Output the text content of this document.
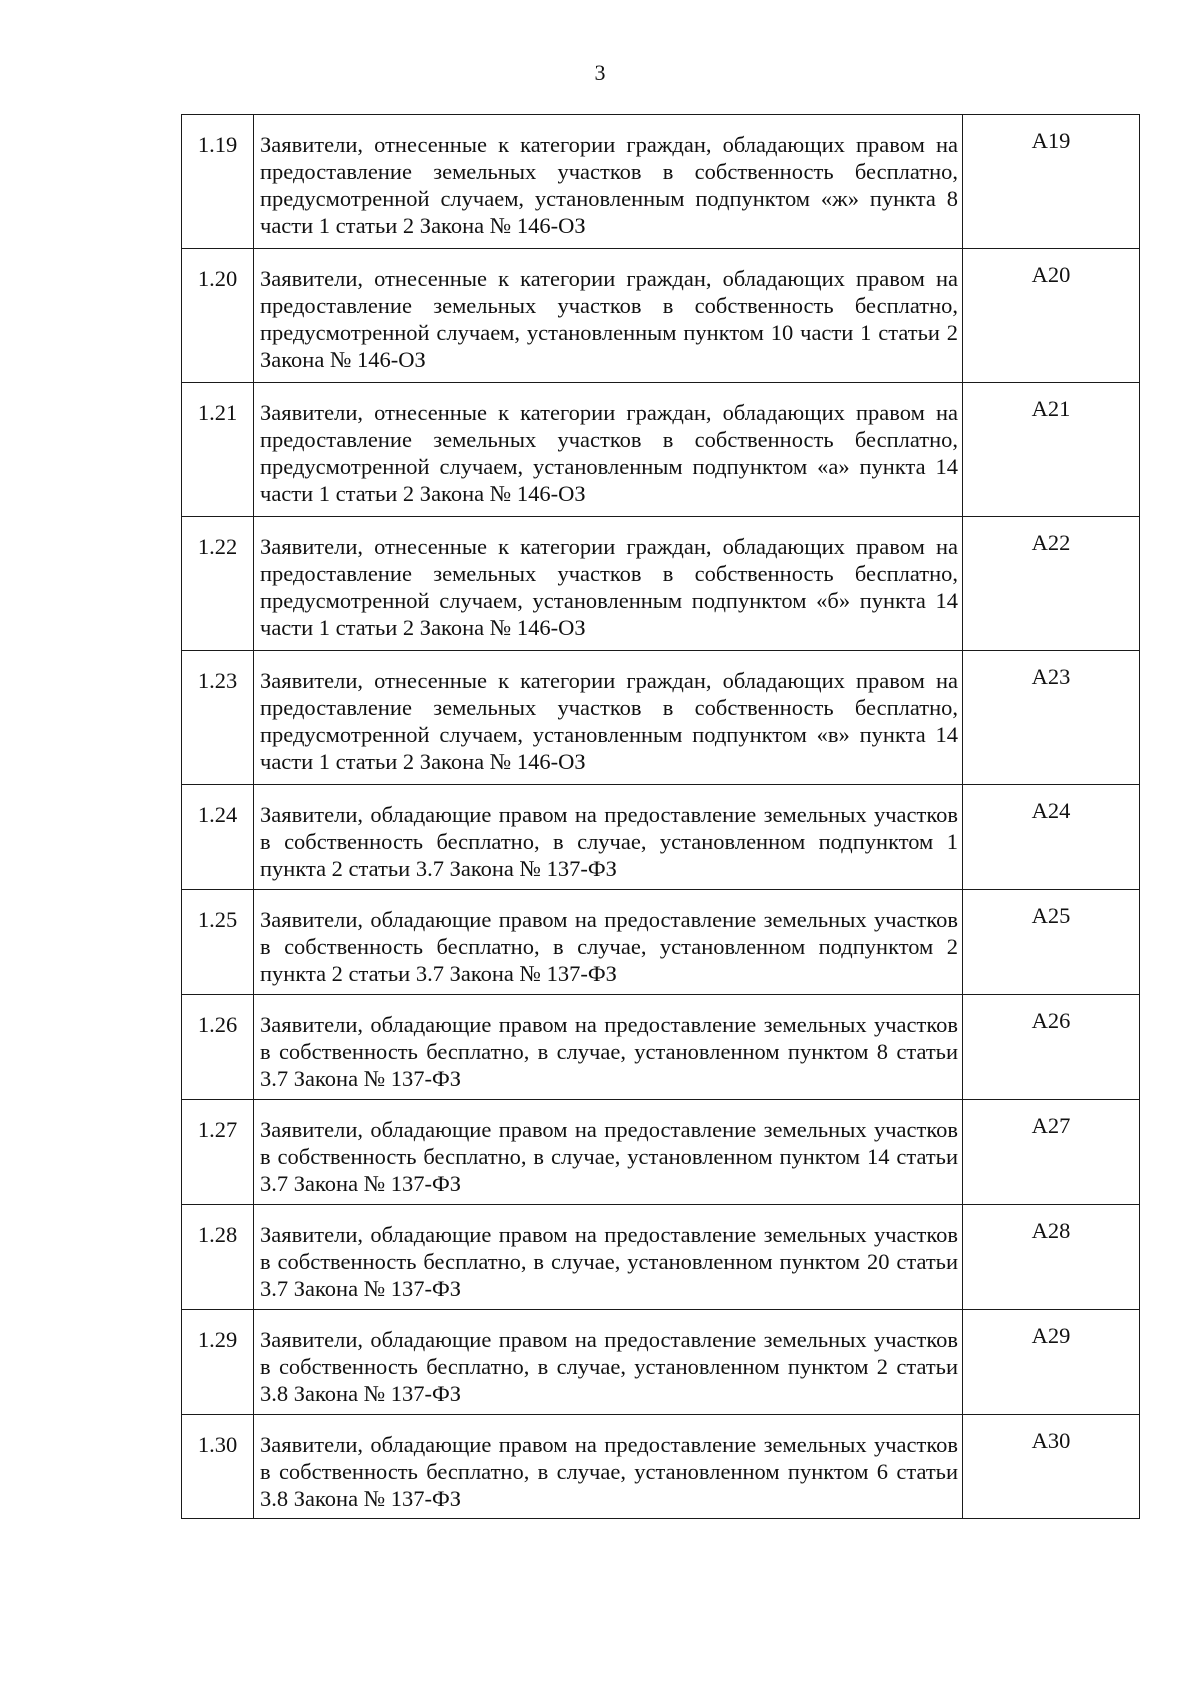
3
1.19	Заявители, отнесенные к категории граждан, обладающих правом на предоставление земельных участков в собственность бесплатно, предусмотренной случаем, установленным подпунктом «ж» пункта 8 части 1 статьи 2 Закона № 146-ОЗ	А19
1.20	Заявители, отнесенные к категории граждан, обладающих правом на предоставление земельных участков в собственность бесплатно, предусмотренной случаем, установленным пунктом 10 части 1 статьи 2 Закона № 146-ОЗ	А20
1.21	Заявители, отнесенные к категории граждан, обладающих правом на предоставление земельных участков в собственность бесплатно, предусмотренной случаем, установленным подпунктом «а» пункта 14 части 1 статьи 2 Закона № 146-ОЗ	А21
1.22	Заявители, отнесенные к категории граждан, обладающих правом на предоставление земельных участков в собственность бесплатно, предусмотренной случаем, установленным подпунктом «б» пункта 14 части 1 статьи 2 Закона № 146-ОЗ	А22
1.23	Заявители, отнесенные к категории граждан, обладающих правом на предоставление земельных участков в собственность бесплатно, предусмотренной случаем, установленным подпунктом «в» пункта 14 части 1 статьи 2 Закона № 146-ОЗ	А23
1.24	Заявители, обладающие правом на предоставление земельных участков в собственность бесплатно, в случае, установленном подпунктом 1 пункта 2 статьи 3.7 Закона № 137-ФЗ	А24
1.25	Заявители, обладающие правом на предоставление земельных участков в собственность бесплатно, в случае, установленном подпунктом 2 пункта 2 статьи 3.7 Закона № 137-ФЗ	А25
1.26	Заявители, обладающие правом на предоставление земельных участков в собственность бесплатно, в случае, установленном пунктом 8 статьи 3.7 Закона № 137-ФЗ	А26
1.27	Заявители, обладающие правом на предоставление земельных участков в собственность бесплатно, в случае, установленном пунктом 14 статьи 3.7 Закона № 137-ФЗ	А27
1.28	Заявители, обладающие правом на предоставление земельных участков в собственность бесплатно, в случае, установленном пунктом 20 статьи 3.7 Закона № 137-ФЗ	А28
1.29	Заявители, обладающие правом на предоставление земельных участков в собственность бесплатно, в случае, установленном пунктом 2 статьи 3.8 Закона № 137-ФЗ	А29
1.30	Заявители, обладающие правом на предоставление земельных участков в собственность бесплатно, в случае, установленном пунктом 6 статьи 3.8 Закона № 137-ФЗ	А30
